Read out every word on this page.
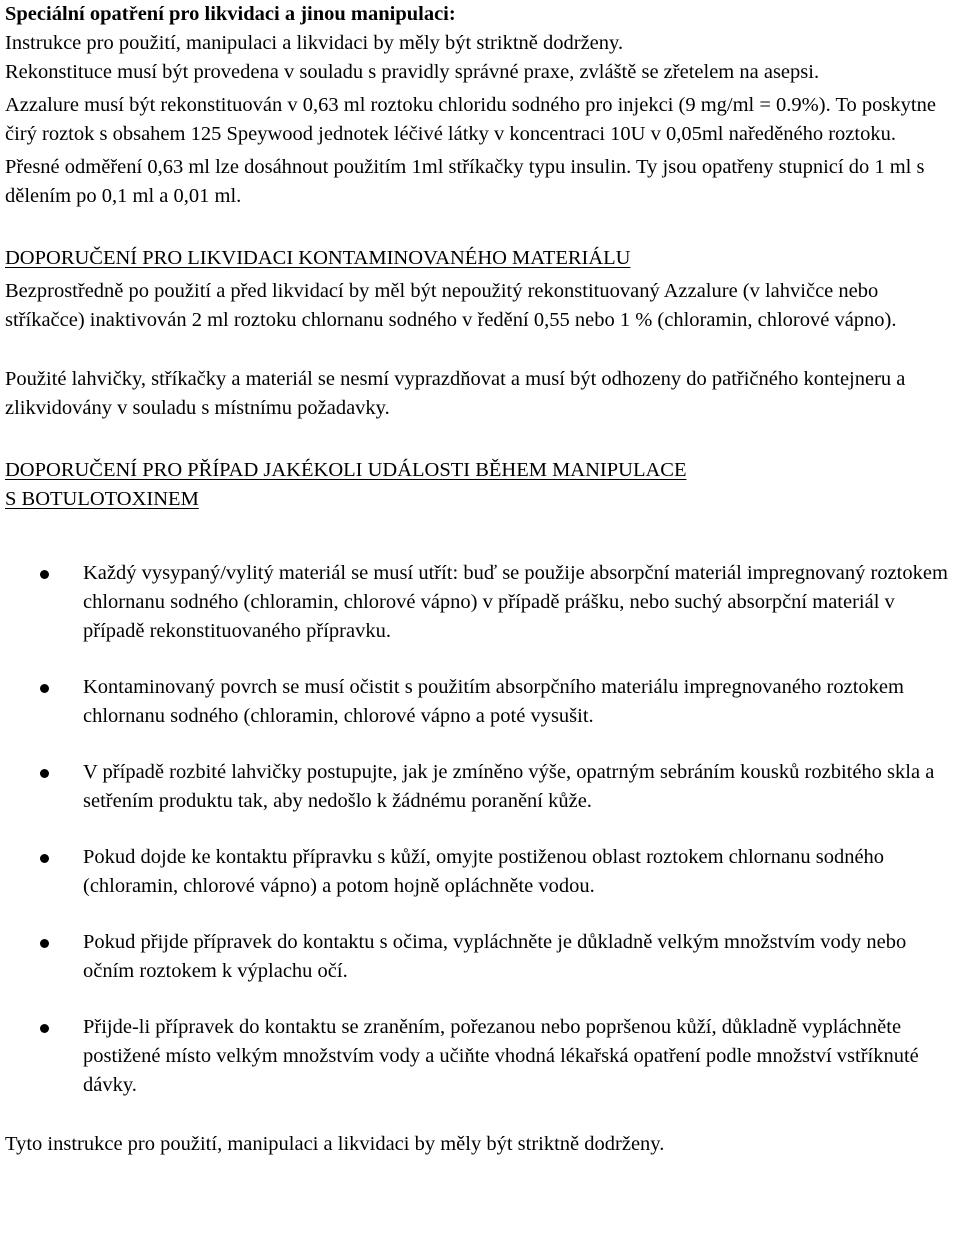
Speciální opatření pro likvidaci a jinou manipulaci:

Instrukce pro použití, manipulaci a likvidaci by měly být striktně dodrženy.

Rekonstituce musí být provedena v souladu s pravidly správné praxe, zvláště se zřetelem na asepsi.

Azzalure musí být rekonstituován v 0,63 ml roztoku chloridu sodného pro injekci (9 mg/ml = 0.9%). To poskytne čirý roztok s obsahem 125 Speywood jednotek léčivé látky v koncentraci 10U v 0,05ml naředěného roztoku.

Přesné odměření 0,63 ml lze dosáhnout použitím 1ml stříkačky typu insulin. Ty jsou opatřeny stupnicí do 1 ml s dělením po 0,1 ml a 0,01 ml.

DOPORUČENÍ PRO LIKVIDACI KONTAMINOVANÉHO MATERIÁLU

Bezprostředně po použití a před likvidací by měl být nepoužitý rekonstituovaný Azzalure (v lahvičce nebo stříkačce) inaktivován 2 ml roztoku chlornanu sodného v ředění 0,55 nebo 1 % (chloramin, chlorové vápno).

Použité lahvičky, stříkačky a materiál se nesmí vyprazdňovat a musí být odhozeny do patřičného kontejneru a zlikvidovány v souladu s místnímu požadavky.

DOPORUČENÍ PRO PŘÍPAD JAKÉKOLI UDÁLOSTI BĚHEM MANIPULACE

S BOTULOTOXINEM

Každý vysypaný/vylitý materiál se musí utřít: buď se použije absorpční materiál impregnovaný roztokem chlornanu sodného (chloramin, chlorové vápno) v případě prášku, nebo suchý absorpční materiál v případě rekonstituovaného přípravku.
Kontaminovaný povrch se musí očistit s použitím absorpčního materiálu impregnovaného roztokem chlornanu sodného (chloramin, chlorové vápno a poté vysušit.
V případě rozbité lahvičky postupujte, jak je zmíněno výše, opatrným sebráním kousků rozbitého skla a setřením produktu tak, aby nedošlo k žádnému poranění kůže.
Pokud dojde ke kontaktu přípravku s kůží, omyjte postiženou oblast roztokem chlornanu sodného (chloramin, chlorové vápno) a potom hojně opláchněte vodou.
Pokud přijde přípravek do kontaktu s očima, vypláchněte je důkladně velkým množstvím vody nebo očním roztokem k výplachu očí.
Přijde-li přípravek do kontaktu se zraněním, pořezanou nebo popršenou kůží, důkladně vypláchněte postižené místo velkým množstvím vody a učiňte vhodná lékařská opatření podle množství vstříknuté dávky.

Tyto instrukce pro použití, manipulaci a likvidaci by měly být striktně dodrženy.
